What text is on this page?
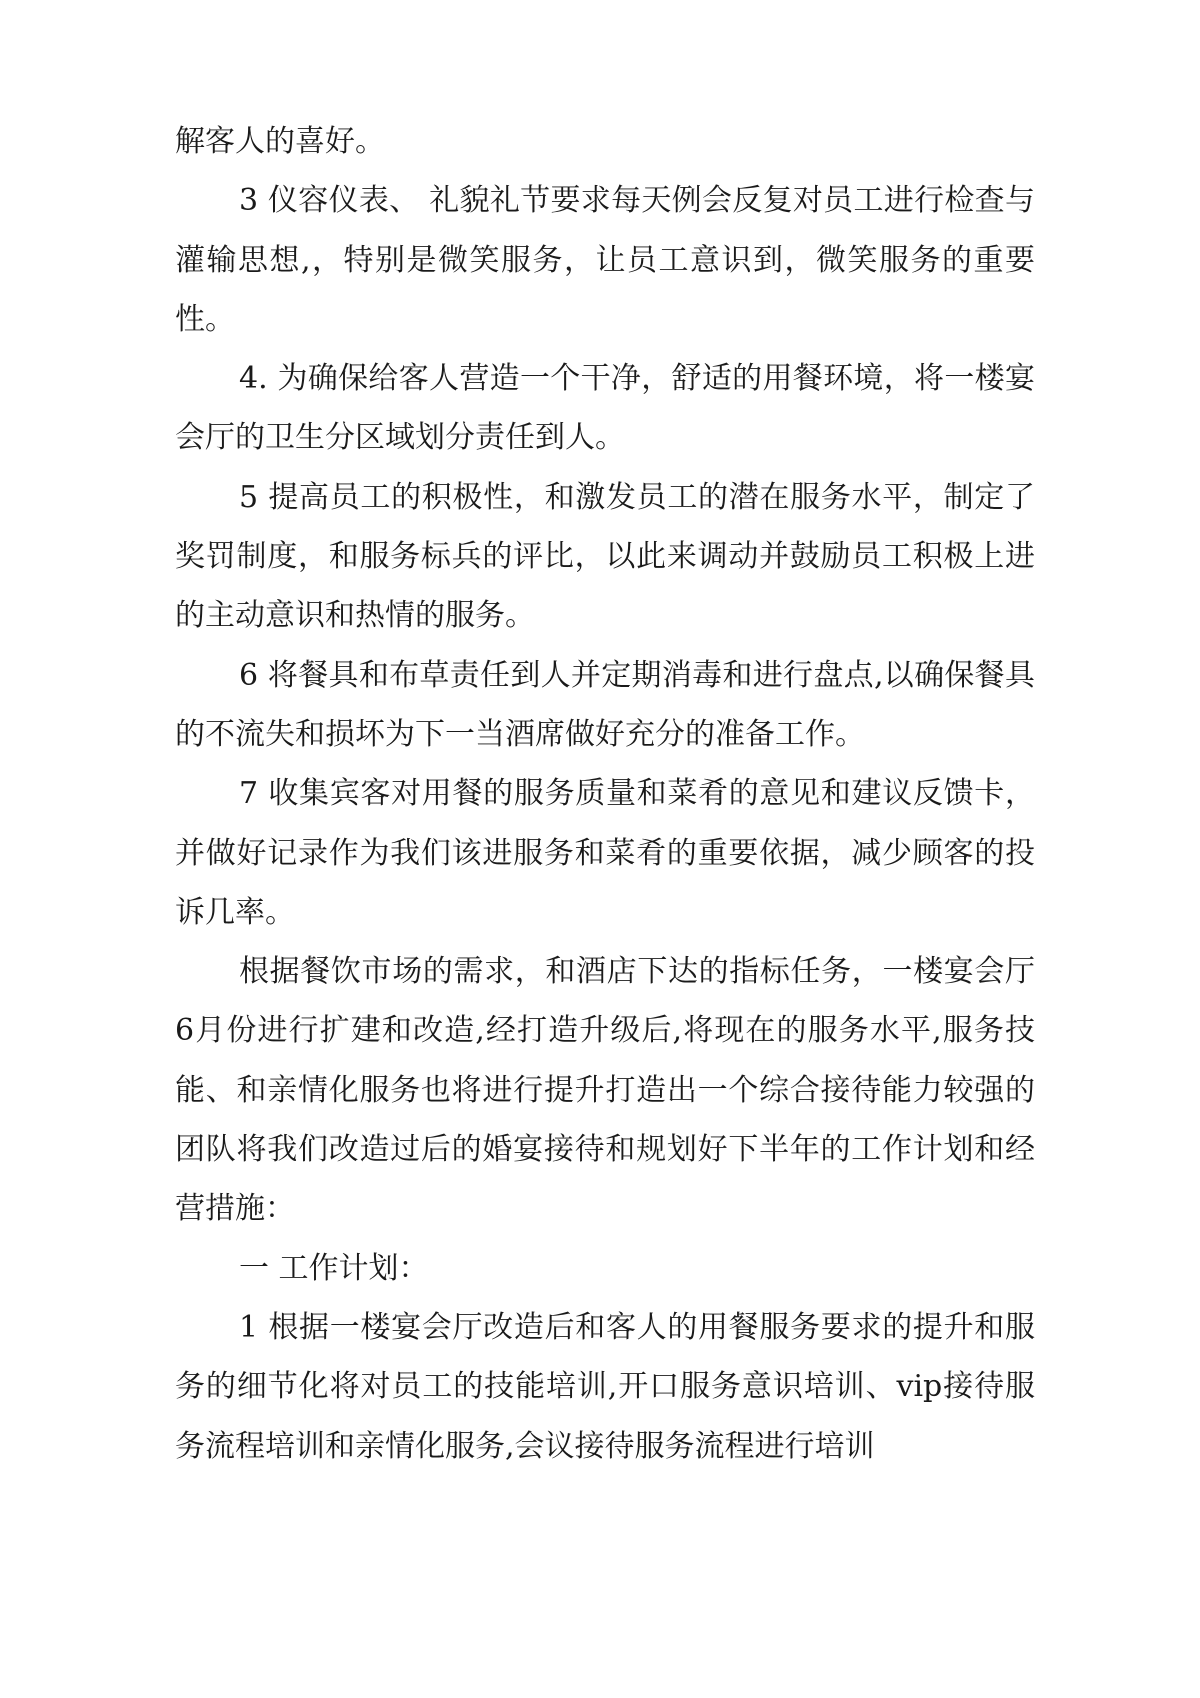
解客人的喜好。

3 仪容仪表、 礼貌礼节要求每天例会反复对员工进行检查与灌输思想,，特别是微笑服务，让员工意识到，微笑服务的重要性。

4. 为确保给客人营造一个干净，舒适的用餐环境，将一楼宴会厅的卫生分区域划分责任到人。

5 提高员工的积极性，和激发员工的潜在服务水平，制定了奖罚制度，和服务标兵的评比，以此来调动并鼓励员工积极上进的主动意识和热情的服务。

6 将餐具和布草责任到人并定期消毒和进行盘点,以确保餐具的不流失和损坏为下一当酒席做好充分的准备工作。

7 收集宾客对用餐的服务质量和菜肴的意见和建议反馈卡，并做好记录作为我们该进服务和菜肴的重要依据，减少顾客的投诉几率。

根据餐饮市场的需求，和酒店下达的指标任务，一楼宴会厅6月份进行扩建和改造,经打造升级后,将现在的服务水平,服务技能、和亲情化服务也将进行提升打造出一个综合接待能力较强的团队将我们改造过后的婚宴接待和规划好下半年的工作计划和经营措施：

一 工作计划：

1 根据一楼宴会厅改造后和客人的用餐服务要求的提升和服务的细节化将对员工的技能培训,开口服务意识培训、vip接待服务流程培训和亲情化服务,会议接待服务流程进行培训
